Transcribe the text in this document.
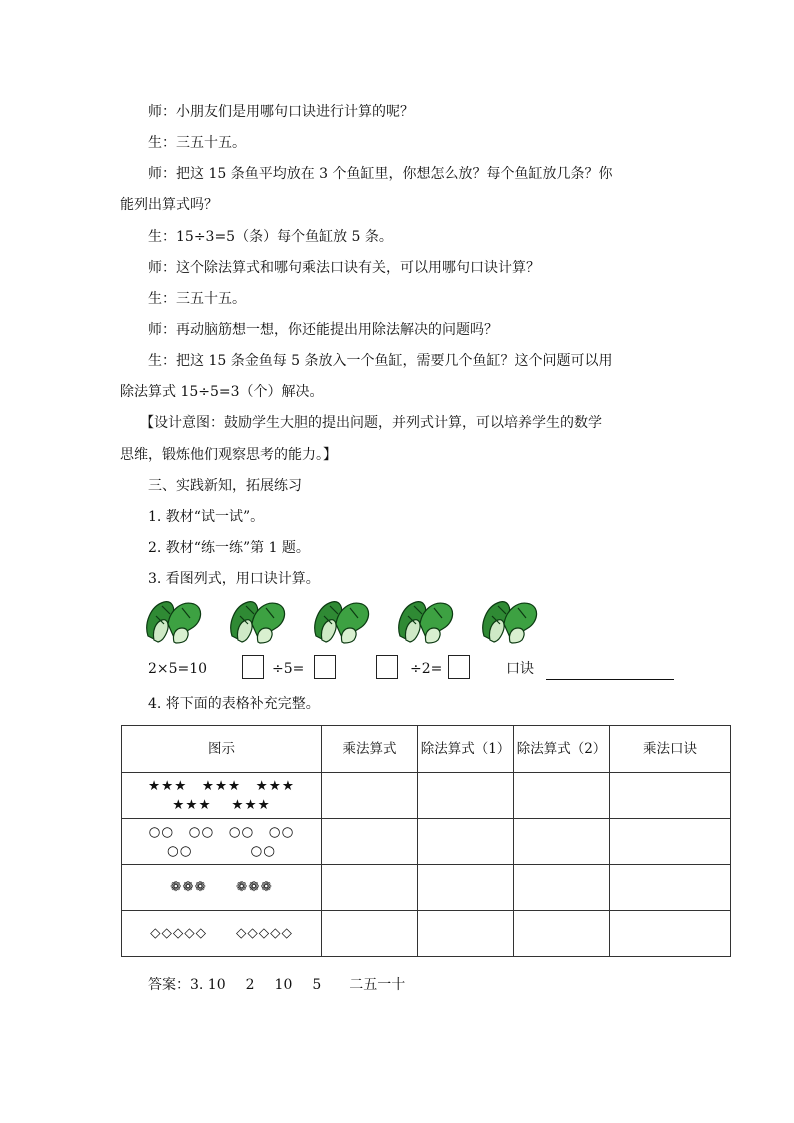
师：小朋友们是用哪句口诀进行计算的呢？
生：三五十五。
师：把这 15 条鱼平均放在 3 个鱼缸里，你想怎么放？每个鱼缸放几条？你
能列出算式吗？
生：15÷3=5（条）每个鱼缸放 5 条。
师：这个除法算式和哪句乘法口诀有关，可以用哪句口诀计算？
生：三五十五。
师：再动脑筋想一想，你还能提出用除法解决的问题吗？
生：把这 15 条金鱼每 5 条放入一个鱼缸，需要几个鱼缸？这个问题可以用
除法算式 15÷5=3（个）解决。
【设计意图：鼓励学生大胆的提出问题，并列式计算，可以培养学生的数学
思维，锻炼他们观察思考的能力。】
三、实践新知，拓展练习
1. 教材“试一试”。
2. 教材“练一练”第 1 题。
3. 看图列式，用口诀计算。
2×5=10	÷5=	÷2=	口诀
4. 将下面的表格补充完整。
图示	乘法算式	除法算式（1）	除法算式（2）	乘法口诀

★★★　★★★　★★★
★★★　 ★★★				

○○　○○　○○　○○
○○　　　　○○				

❁❁❁　　❁❁❁				

◇◇◇◇◇　　◇◇◇◇◇				

答案：3. 10 2 10 5 二五一十
